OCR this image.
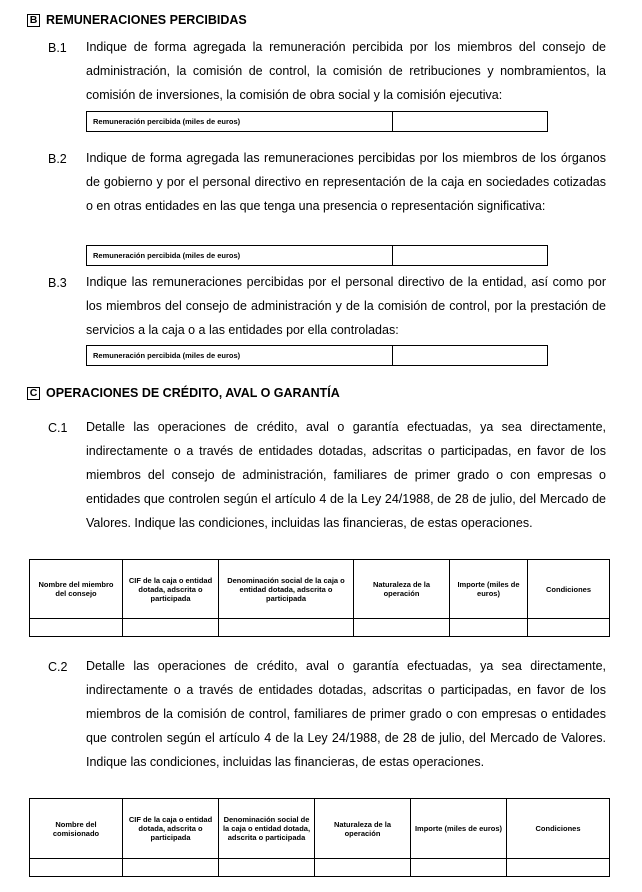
B REMUNERACIONES PERCIBIDAS
B.1 Indique de forma agregada la remuneración percibida por los miembros del consejo de administración, la comisión de control, la comisión de retribuciones y nombramientos, la comisión de inversiones, la comisión de obra social y la comisión ejecutiva:
Remuneración percibida (miles de euros)
B.2 Indique de forma agregada las remuneraciones percibidas por los miembros de los órganos de gobierno y por el personal directivo en representación de la caja en sociedades cotizadas o en otras entidades en las que tenga una presencia o representación significativa:
Remuneración percibida (miles de euros)
B.3 Indique las remuneraciones percibidas por el personal directivo de la entidad, así como por los miembros del consejo de administración y de la comisión de control, por la prestación de servicios a la caja o a las entidades por ella controladas:
Remuneración percibida (miles de euros)
C OPERACIONES DE CRÉDITO, AVAL O GARANTÍA
C.1 Detalle las operaciones de crédito, aval o garantía efectuadas, ya sea directamente, indirectamente o a través de entidades dotadas, adscritas o participadas, en favor de los miembros del consejo de administración, familiares de primer grado o con empresas o entidades que controlen según el artículo 4 de la Ley 24/1988, de 28 de julio, del Mercado de Valores. Indique las condiciones, incluidas las financieras, de estas operaciones.
Nombre del miembro del consejo	CIF de la caja o entidad dotada, adscrita o participada	Denominación social de la caja o entidad dotada, adscrita o participada	Naturaleza de la operación	Importe (miles de euros)	Condiciones

C.2 Detalle las operaciones de crédito, aval o garantía efectuadas, ya sea directamente, indirectamente o a través de entidades dotadas, adscritas o participadas, en favor de los miembros de la comisión de control, familiares de primer grado o con empresas o entidades que controlen según el artículo 4 de la Ley 24/1988, de 28 de julio, del Mercado de Valores. Indique las condiciones, incluidas las financieras, de estas operaciones.
Nombre del comisionado	CIF de la caja o entidad dotada, adscrita o participada	Denominación social de la caja o entidad dotada, adscrita o participada	Naturaleza de la operación	Importe (miles de euros)	Condiciones
